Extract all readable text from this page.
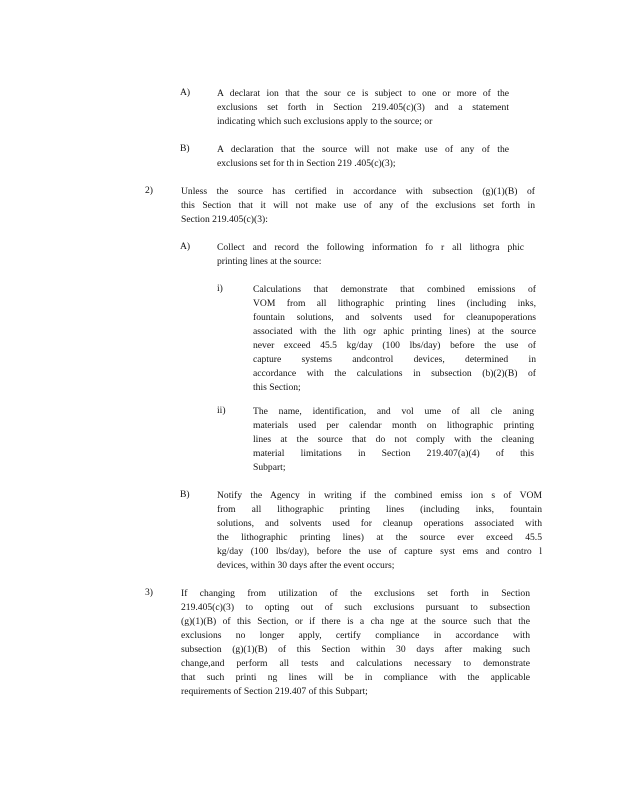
A)	A declarat ion that the sour ce is subject to one or more of the
exclusions set forth in Section 219.405(c)(3) and a statement
indicating which such exclusions apply to the source; or
B)	A declaration that the source will not make use of any of the
exclusions set for th in Section 219 .405(c)(3);
2)	Unless the source has certified in accordance with subsection (g)(1)(B) of
this Section that it will not make use of any of the exclusions set forth in
Section 219.405(c)(3):
A)	Collect and record the following information fo r all lithogra phic
printing lines at the source:
i)	Calculations that demonstrate that combined emissions of
VOM from all lithographic printing lines (including inks,
fountain solutions, and solvents used for cleanupoperations
associated with the lith ogr aphic printing lines) at the source
never exceed 45.5 kg/day (100 lbs/day) before the use of
capture systems andcontrol devices, determined in
accordance with the calculations in subsection (b)(2)(B) of
this Section;
ii)	The name, identification, and vol ume of all cle aning
materials used per calendar month on lithographic printing
lines at the source that do not comply with the cleaning
material limitations in Section 219.407(a)(4) of this
Subpart;
B)	Notify the Agency in writing if the combined emiss ion s of VOM
from all lithographic printing lines (including inks, fountain
solutions, and solvents used for cleanup operations associated with
the lithographic printing lines) at the source ever exceed 45.5
kg/day (100 lbs/day), before the use of capture syst ems and contro l
devices, within 30 days after the event occurs;
3)	If changing from utilization of the exclusions set forth in Section
219.405(c)(3) to opting out of such exclusions pursuant to subsection
(g)(1)(B) of this Section, or if there is a cha nge at the source such that the
exclusions no longer apply, certify compliance in accordance with
subsection (g)(1)(B) of this Section within 30 days after making such
change,and perform all tests and calculations necessary to demonstrate
that such printi ng lines will be in compliance with the applicable
requirements of Section 219.407 of this Subpart;
